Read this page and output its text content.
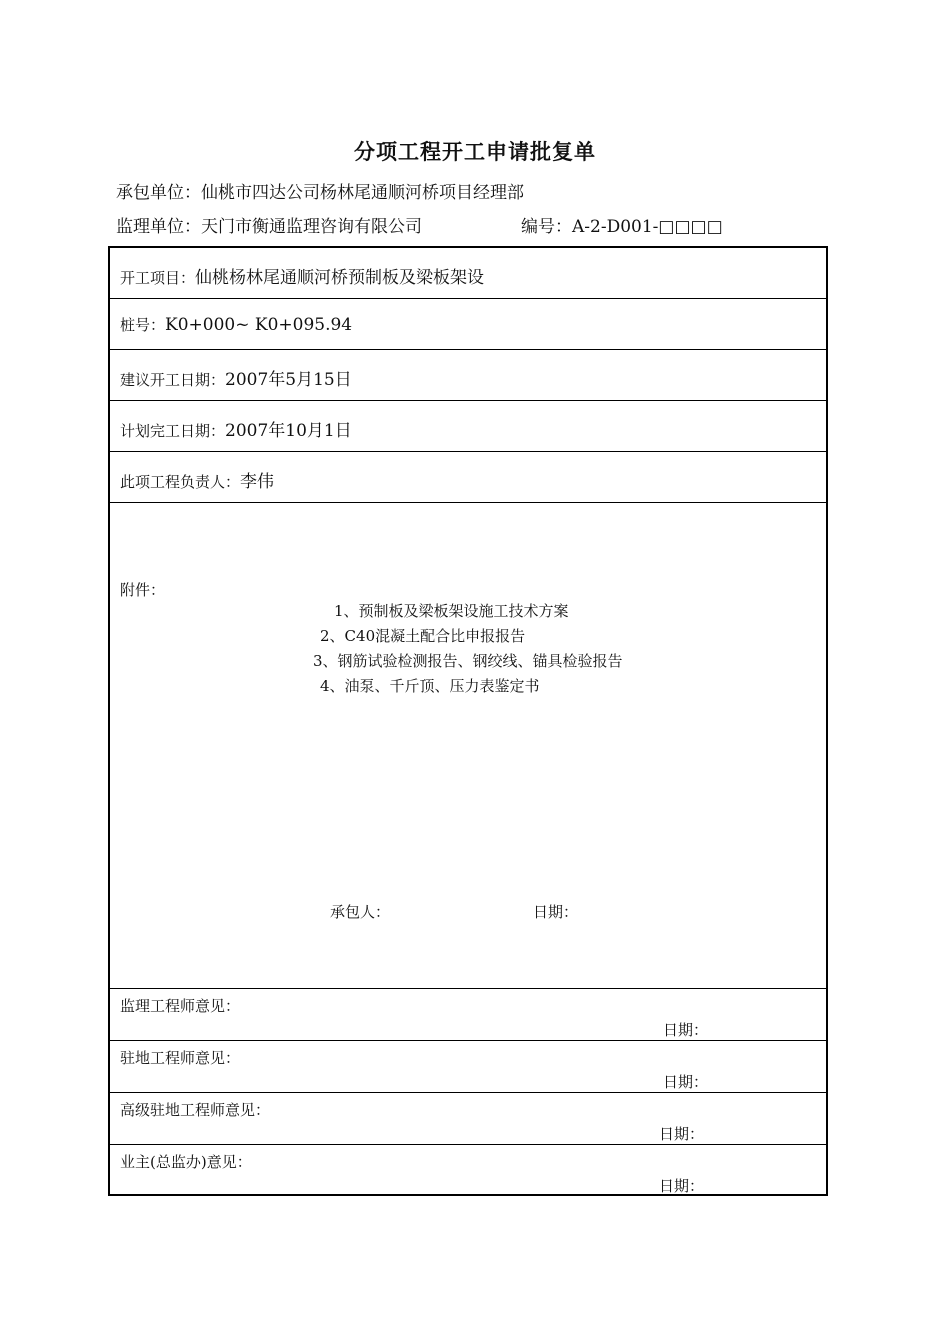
分项工程开工申请批复单
承包单位：仙桃市四达公司杨林尾通顺河桥项目经理部
监理单位：天门市衡通监理咨询有限公司	编号：A-2-D001-□□□□
开工项目：仙桃杨林尾通顺河桥预制板及梁板架设
桩号：K0+000~ K0+095.94
建议开工日期：2007年5月15日
计划完工日期：2007年10月1日
此项工程负责人：李伟
附件：
1、预制板及梁板架设施工技术方案
2、C40混凝土配合比申报报告
3、钢筋试验检测报告、钢绞线、锚具检验报告
4、油泵、千斤顶、压力表鉴定书
承包人：	日期：
监理工程师意见：
日期：
驻地工程师意见：
日期：
高级驻地工程师意见：
日期：
业主(总监办)意见：
日期：
